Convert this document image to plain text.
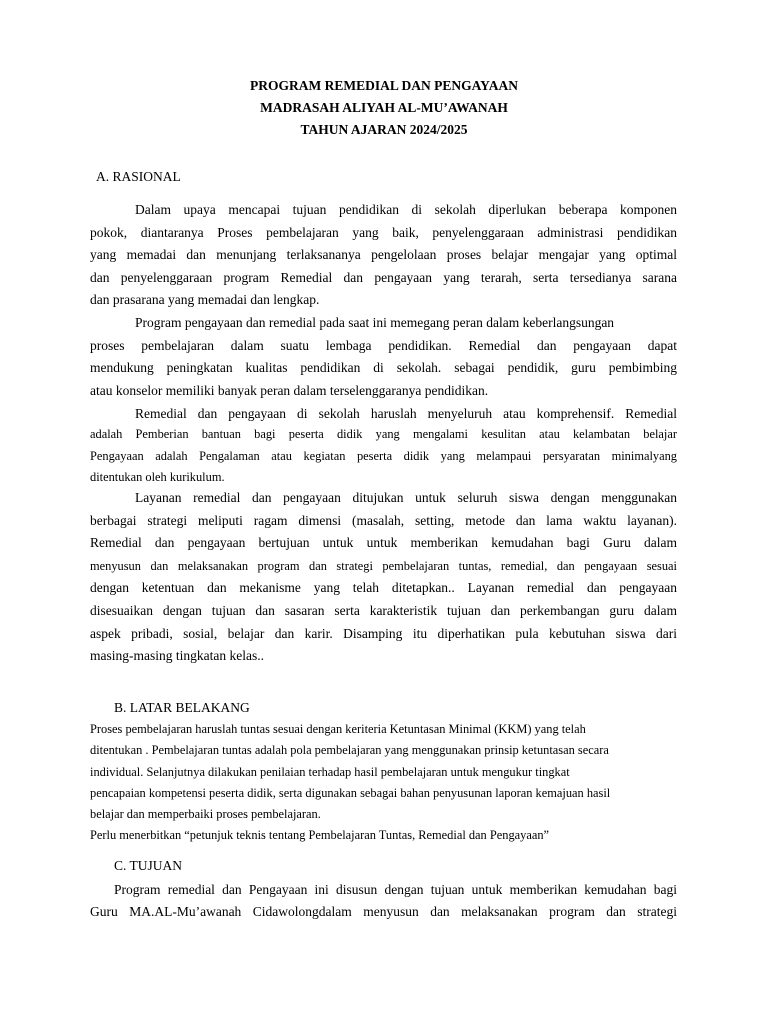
PROGRAM REMEDIAL DAN PENGAYAAN
MADRASAH ALIYAH AL-MU’AWANAH
TAHUN AJARAN 2024/2025
A. RASIONAL
Dalam upaya mencapai tujuan pendidikan di sekolah diperlukan beberapa komponen
pokok, diantaranya Proses pembelajaran yang baik, penyelenggaraan administrasi pendidikan
yang memadai dan menunjang terlaksananya pengelolaan proses belajar mengajar yang optimal
dan penyelenggaraan program Remedial dan pengayaan yang terarah, serta tersedianya sarana
dan prasarana yang memadai dan lengkap.
Program pengayaan dan remedial pada saat ini memegang peran dalam keberlangsungan
proses pembelajaran dalam suatu lembaga pendidikan. Remedial dan pengayaan dapat
mendukung peningkatan kualitas pendidikan di sekolah. sebagai pendidik, guru pembimbing
atau konselor memiliki banyak peran dalam terselenggaranya pendidikan.
Remedial dan pengayaan di sekolah haruslah menyeluruh atau komprehensif. Remedial
adalah Pemberian bantuan bagi peserta didik yang mengalami kesulitan atau kelambatan belajar
Pengayaan adalah Pengalaman atau kegiatan peserta didik yang melampaui persyaratan minimalyang
ditentukan oleh kurikulum.
Layanan remedial dan pengayaan ditujukan untuk seluruh siswa dengan menggunakan
berbagai strategi meliputi ragam dimensi (masalah, setting, metode dan lama waktu layanan).
Remedial dan pengayaan bertujuan untuk untuk memberikan kemudahan bagi Guru dalam
menyusun dan melaksanakan program dan strategi pembelajaran tuntas, remedial, dan pengayaan sesuai
dengan ketentuan dan mekanisme yang telah ditetapkan.. Layanan remedial dan pengayaan
disesuaikan dengan tujuan dan sasaran serta karakteristik tujuan dan perkembangan guru dalam
aspek pribadi, sosial, belajar dan karir. Disamping itu diperhatikan pula kebutuhan siswa dari
masing-masing tingkatan kelas..
B. LATAR BELAKANG
Proses pembelajaran haruslah tuntas sesuai dengan keriteria Ketuntasan Minimal (KKM) yang telah
ditentukan . Pembelajaran tuntas adalah pola pembelajaran yang menggunakan prinsip ketuntasan secara
individual. Selanjutnya dilakukan penilaian terhadap hasil pembelajaran untuk mengukur tingkat
pencapaian kompetensi peserta didik, serta digunakan sebagai bahan penyusunan laporan kemajuan hasil
belajar dan memperbaiki proses pembelajaran.
Perlu menerbitkan “petunjuk teknis tentang Pembelajaran Tuntas, Remedial dan Pengayaan”
C. TUJUAN
Program remedial dan Pengayaan ini disusun dengan tujuan untuk memberikan kemudahan bagi
Guru MA.AL-Mu’awanah Cidawolongdalam menyusun dan melaksanakan program dan strategi
